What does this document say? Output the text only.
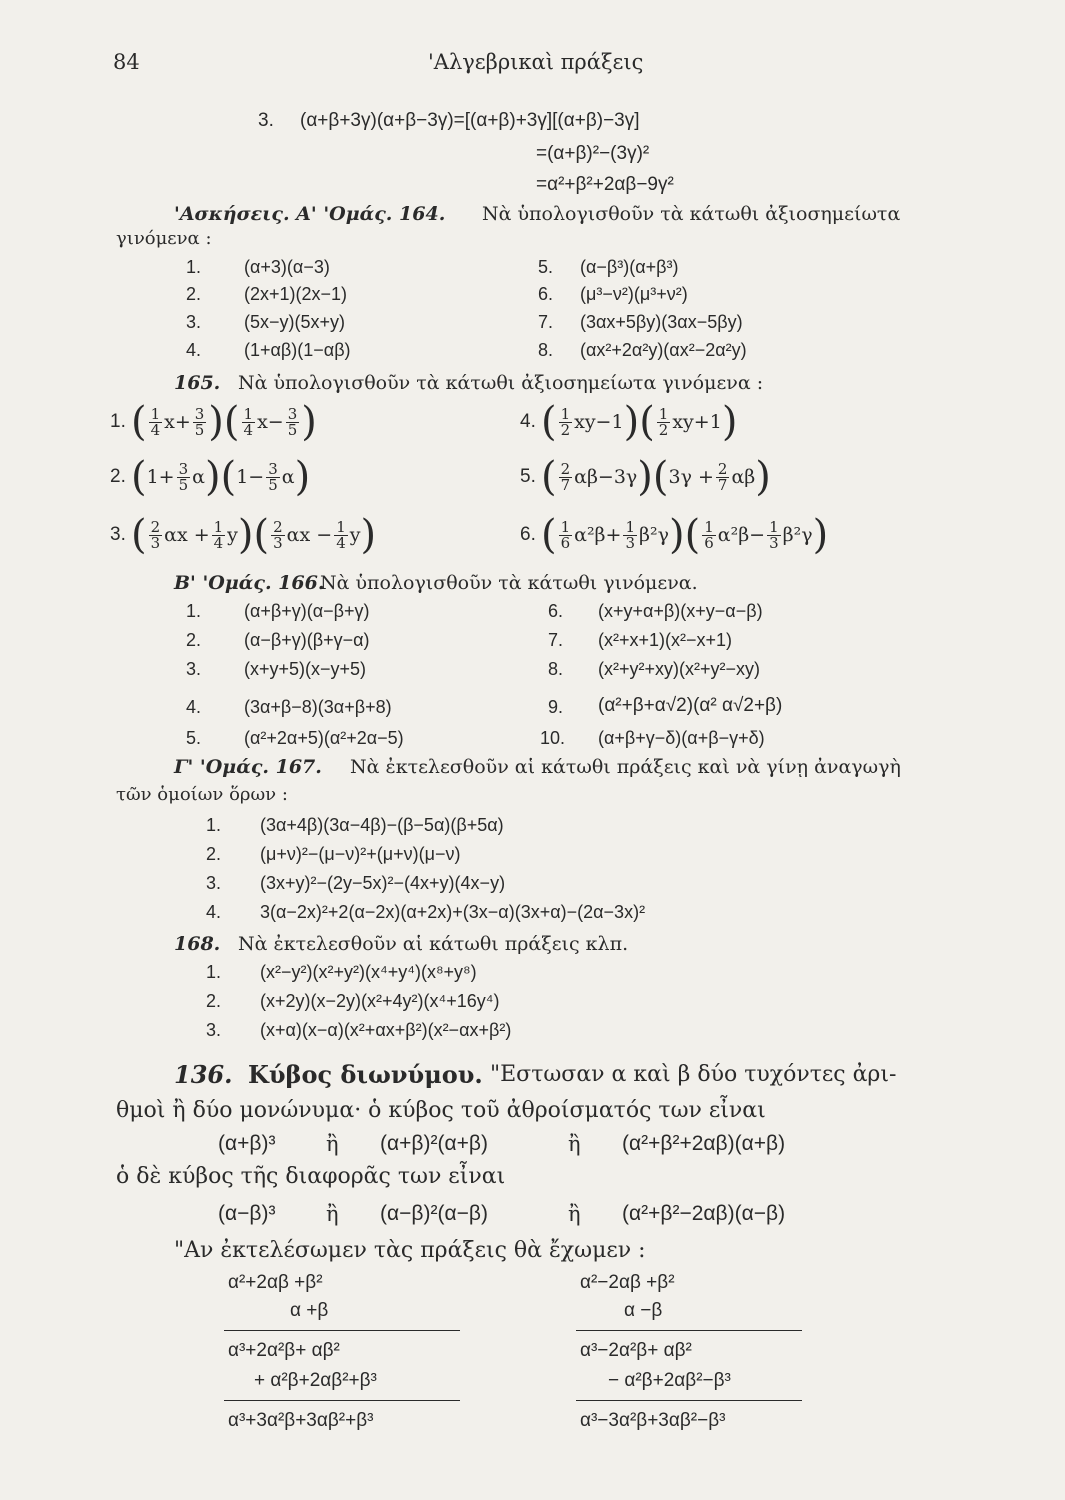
84	'Αλγεβρικαὶ πράξεις
3. (α+β+3γ)(α+β−3γ)=[(α+β)+3γ][(α+β)−3γ]
=(α+β)²−(3γ)²
=α²+β²+2αβ−9γ²
'Ασκήσεις. Α' 'Ομάς. 164. Νὰ ὑπολογισθοῦν τὰ κάτωθι ἀξιοσημείωτα
γινόμενα :
1. (α+3)(α−3)
2. (2x+1)(2x−1)
3. (5x−y)(5x+y)
4. (1+αβ)(1−αβ)
5. (α−β³)(α+β³)
6. (μ³−ν²)(μ³+ν²)
7. (3αx+5βy)(3αx−5βy)
8. (αx²+2α²y)(αx²−2α²y)
165. Νὰ ὑπολογισθοῦν τὰ κάτωθι ἀξιοσημείωτα γινόμενα :
1. ( $\frac{1}{4} x+ \frac{3}{5}$ )( $\frac{1}{4} x- \frac{3}{5}$ )	4. ( $\frac{1}{2} xy-1)( \frac{1}{2} xy+1)$
2. $(1+ \frac{3}{5} \alpha)(1- \frac{3}{5} \alpha)$	5. ( $\frac{2}{7} \alpha\beta-3\gamma)(3\gamma + \frac{2}{7} \alpha\beta)$
3. ( $\frac{2}{3}$ $\alpha x + \frac{1}{4} y)( \frac{2}{3}$ $\alpha x - \frac{1}{4} y$)	6. ( $\frac{1}{6} \alpha^2\beta+ \frac{1}{3} \beta^2\gamma)( \frac{1}{6} \alpha^2\beta- \frac{1}{3} \beta^2\gamma)$
Β' 'Ομάς. 166.
Νὰ ὑπολογισθοῦν τὰ κάτωθι γινόμενα.
1. (α+β+γ)(α−β+γ)
2. (α−β+γ)(β+γ−α)
3. (x+y+5)(x−y+5)
4. (3α+β−8)(3α+β+8)
5. (α²+2α+5)(α²+2α−5)
6. (x+y+α+β)(x+y−α−β)
7. (x²+x+1)(x²−x+1)
8. (x²+y²+xy)(x²+y²−xy)
9. (α²+β+α√2)(α² α√2+β)
10. (α+β+γ−δ)(α+β−γ+δ)
Γ' 'Ομάς. 167. Νὰ ἐκτελεσθοῦν αἱ κάτωθι πράξεις καὶ νὰ γίνῃ ἀναγωγὴ
τῶν ὁμοίων ὅρων :
1. (3α+4β)(3α−4β)−(β−5α)(β+5α)
2. (μ+ν)²−(μ−ν)²+(μ+ν)(μ−ν)
3. (3x+y)²−(2y−5x)²−(4x+y)(4x−y)
4. 3(α−2x)²+2(α−2x)(α+2x)+(3x−α)(3x+α)−(2α−3x)²
168. Νὰ ἐκτελεσθοῦν αἱ κάτωθι πράξεις κλπ.
1. (x²−y²)(x²+y²)(x⁴+y⁴)(x⁸+y⁸)
2. (x+2y)(x−2y)(x²+4y²)(x⁴+16y⁴)
3. (x+α)(x−α)(x²+αx+β²)(x²−αx+β²)
136. Κύβος διωνύμου. "Εστωσαν α καὶ β δύο τυχόντες ἀρι-
θμοὶ ἢ δύο μονώνυμα· ὁ κύβος τοῦ ἀθροίσματός των εἶναι
(α+β)³ ἢ (α+β)²(α+β)	ἢ (α²+β²+2αβ)(α+β)
ὁ δὲ κύβος τῆς διαφορᾶς των εἶναι
(α−β)³ ἢ (α−β)²(α−β)	ἢ (α²+β²−2αβ)(α−β)
"Αν ἐκτελέσωμεν τὰς πράξεις θὰ ἔχωμεν :
α²+2αβ +β²
α +β
α³+2α²β+ αβ²
+ α²β+2αβ²+β³
α³+3α²β+3αβ²+β³
α²−2αβ +β²
α −β
α³−2α²β+ αβ²
− α²β+2αβ²−β³
α³−3α²β+3αβ²−β³
